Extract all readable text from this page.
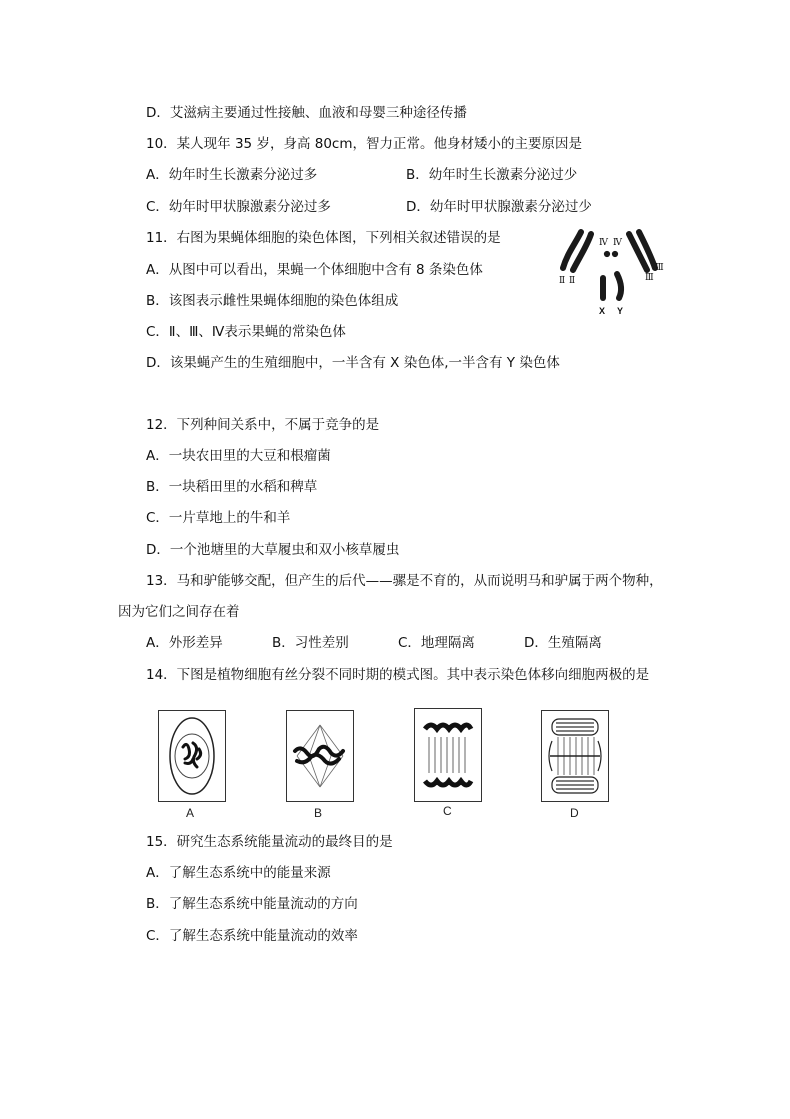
D．艾滋病主要通过性接触、血液和母婴三种途径传播
10．某人现年 35 岁，身高 80cm，智力正常。他身材矮小的主要原因是
A．幼年时生长激素分泌过多	B．幼年时生长激素分泌过少
C．幼年时甲状腺激素分泌过多	D．幼年时甲状腺激素分泌过少
11．右图为果蝇体细胞的染色体图，下列相关叙述错误的是
A．从图中可以看出，果蝇一个体细胞中含有 8 条染色体
B．该图表示雌性果蝇体细胞的染色体组成
C．Ⅱ、Ⅲ、Ⅳ表示果蝇的常染色体
D．该果蝇产生的生殖细胞中，一半含有 X 染色体,一半含有 Y 染色体
Ⅳ Ⅳ
Ⅱ Ⅱ
Ⅲ
Ⅲ
X Y
12．下列种间关系中，不属于竞争的是
A．一块农田里的大豆和根瘤菌
B．一块稻田里的水稻和稗草
C．一片草地上的牛和羊
D．一个池塘里的大草履虫和双小核草履虫
13．马和驴能够交配，但产生的后代——骡是不育的，从而说明马和驴属于两个物种，
因为它们之间存在着
A．外形差异	B．习性差别	C．地理隔离	D．生殖隔离
14．下图是植物细胞有丝分裂不同时期的模式图。其中表示染色体移向细胞两极的是
A	B	C	D
15．研究生态系统能量流动的最终目的是
A．了解生态系统中的能量来源
B．了解生态系统中能量流动的方向
C．了解生态系统中能量流动的效率
